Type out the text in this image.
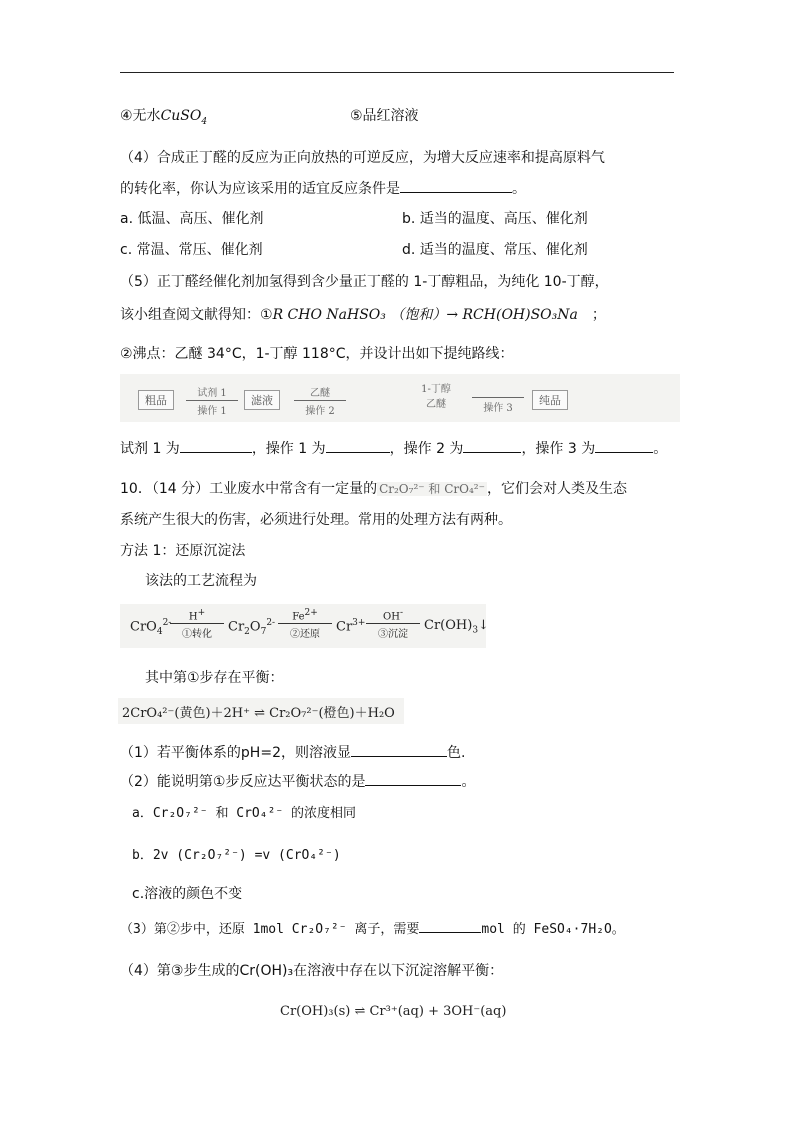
④无水CuSO$_4$	⑤品红溶液
（4）合成正丁醛的反应为正向放热的可逆反应，为增大反应速率和提高原料气
的转化率，你认为应该采用的适宜反应条件是	。
a. 低温、高压、催化剂	b. 适当的温度、高压、催化剂
c. 常温、常压、催化剂	d. 适当的温度、常压、催化剂
（5）正丁醛经催化剂加氢得到含少量正丁醛的 1-丁醇粗品，为纯化 10-丁醇，
该小组查阅文献得知：①R CHO NaHSO₃ （饱和）→ RCH(OH)SO₃Na ；
②沸点：乙醚 34°C，1-丁醇 118°C，并设计出如下提纯路线：
粗品
试剂 1
操作 1
滤液
乙醚
操作 2
1-丁醇
乙醚	操作 3
纯品
试剂 1 为	，操作 1 为	，操作 2 为	，操作 3 为	。
10．（14 分）工业废水中常含有一定量的 Cr₂O₇²⁻ 和 CrO₄²⁻ ，它们会对人类及生态
系统产生很大的伤害，必须进行处理。常用的处理方法有两种。
方法 1：还原沉淀法
该法的工艺流程为
CrO$_4^{2-}$
H+
①转化
$Cr_2O_7^{2-}$
$Fe^{2+}$
②还原
$Cr^{3+}$
OH-
③沉淀
$Cr(OH)_3↓$
其中第①步存在平衡：
2CrO₄²⁻(黄色)＋2H⁺ ⇌ Cr₂O₇²⁻(橙色)＋H₂O
（1）若平衡体系的pH=2，则溶液显	色.
（2）能说明第①步反应达平衡状态的是	。
a．Cr₂O₇²⁻ 和 CrO₄²⁻ 的浓度相同
b．2v (Cr₂O₇²⁻) =v (CrO₄²⁻)
c.溶液的颜色不变
（3）第②步中，还原 1mol Cr₂O₇²⁻ 离子，需要	mol 的 FeSO₄·7H₂O。
（4）第③步生成的Cr(OH)₃在溶液中存在以下沉淀溶解平衡：
Cr(OH)₃(s) ⇌ Cr³⁺(aq) + 3OH⁻(aq)
